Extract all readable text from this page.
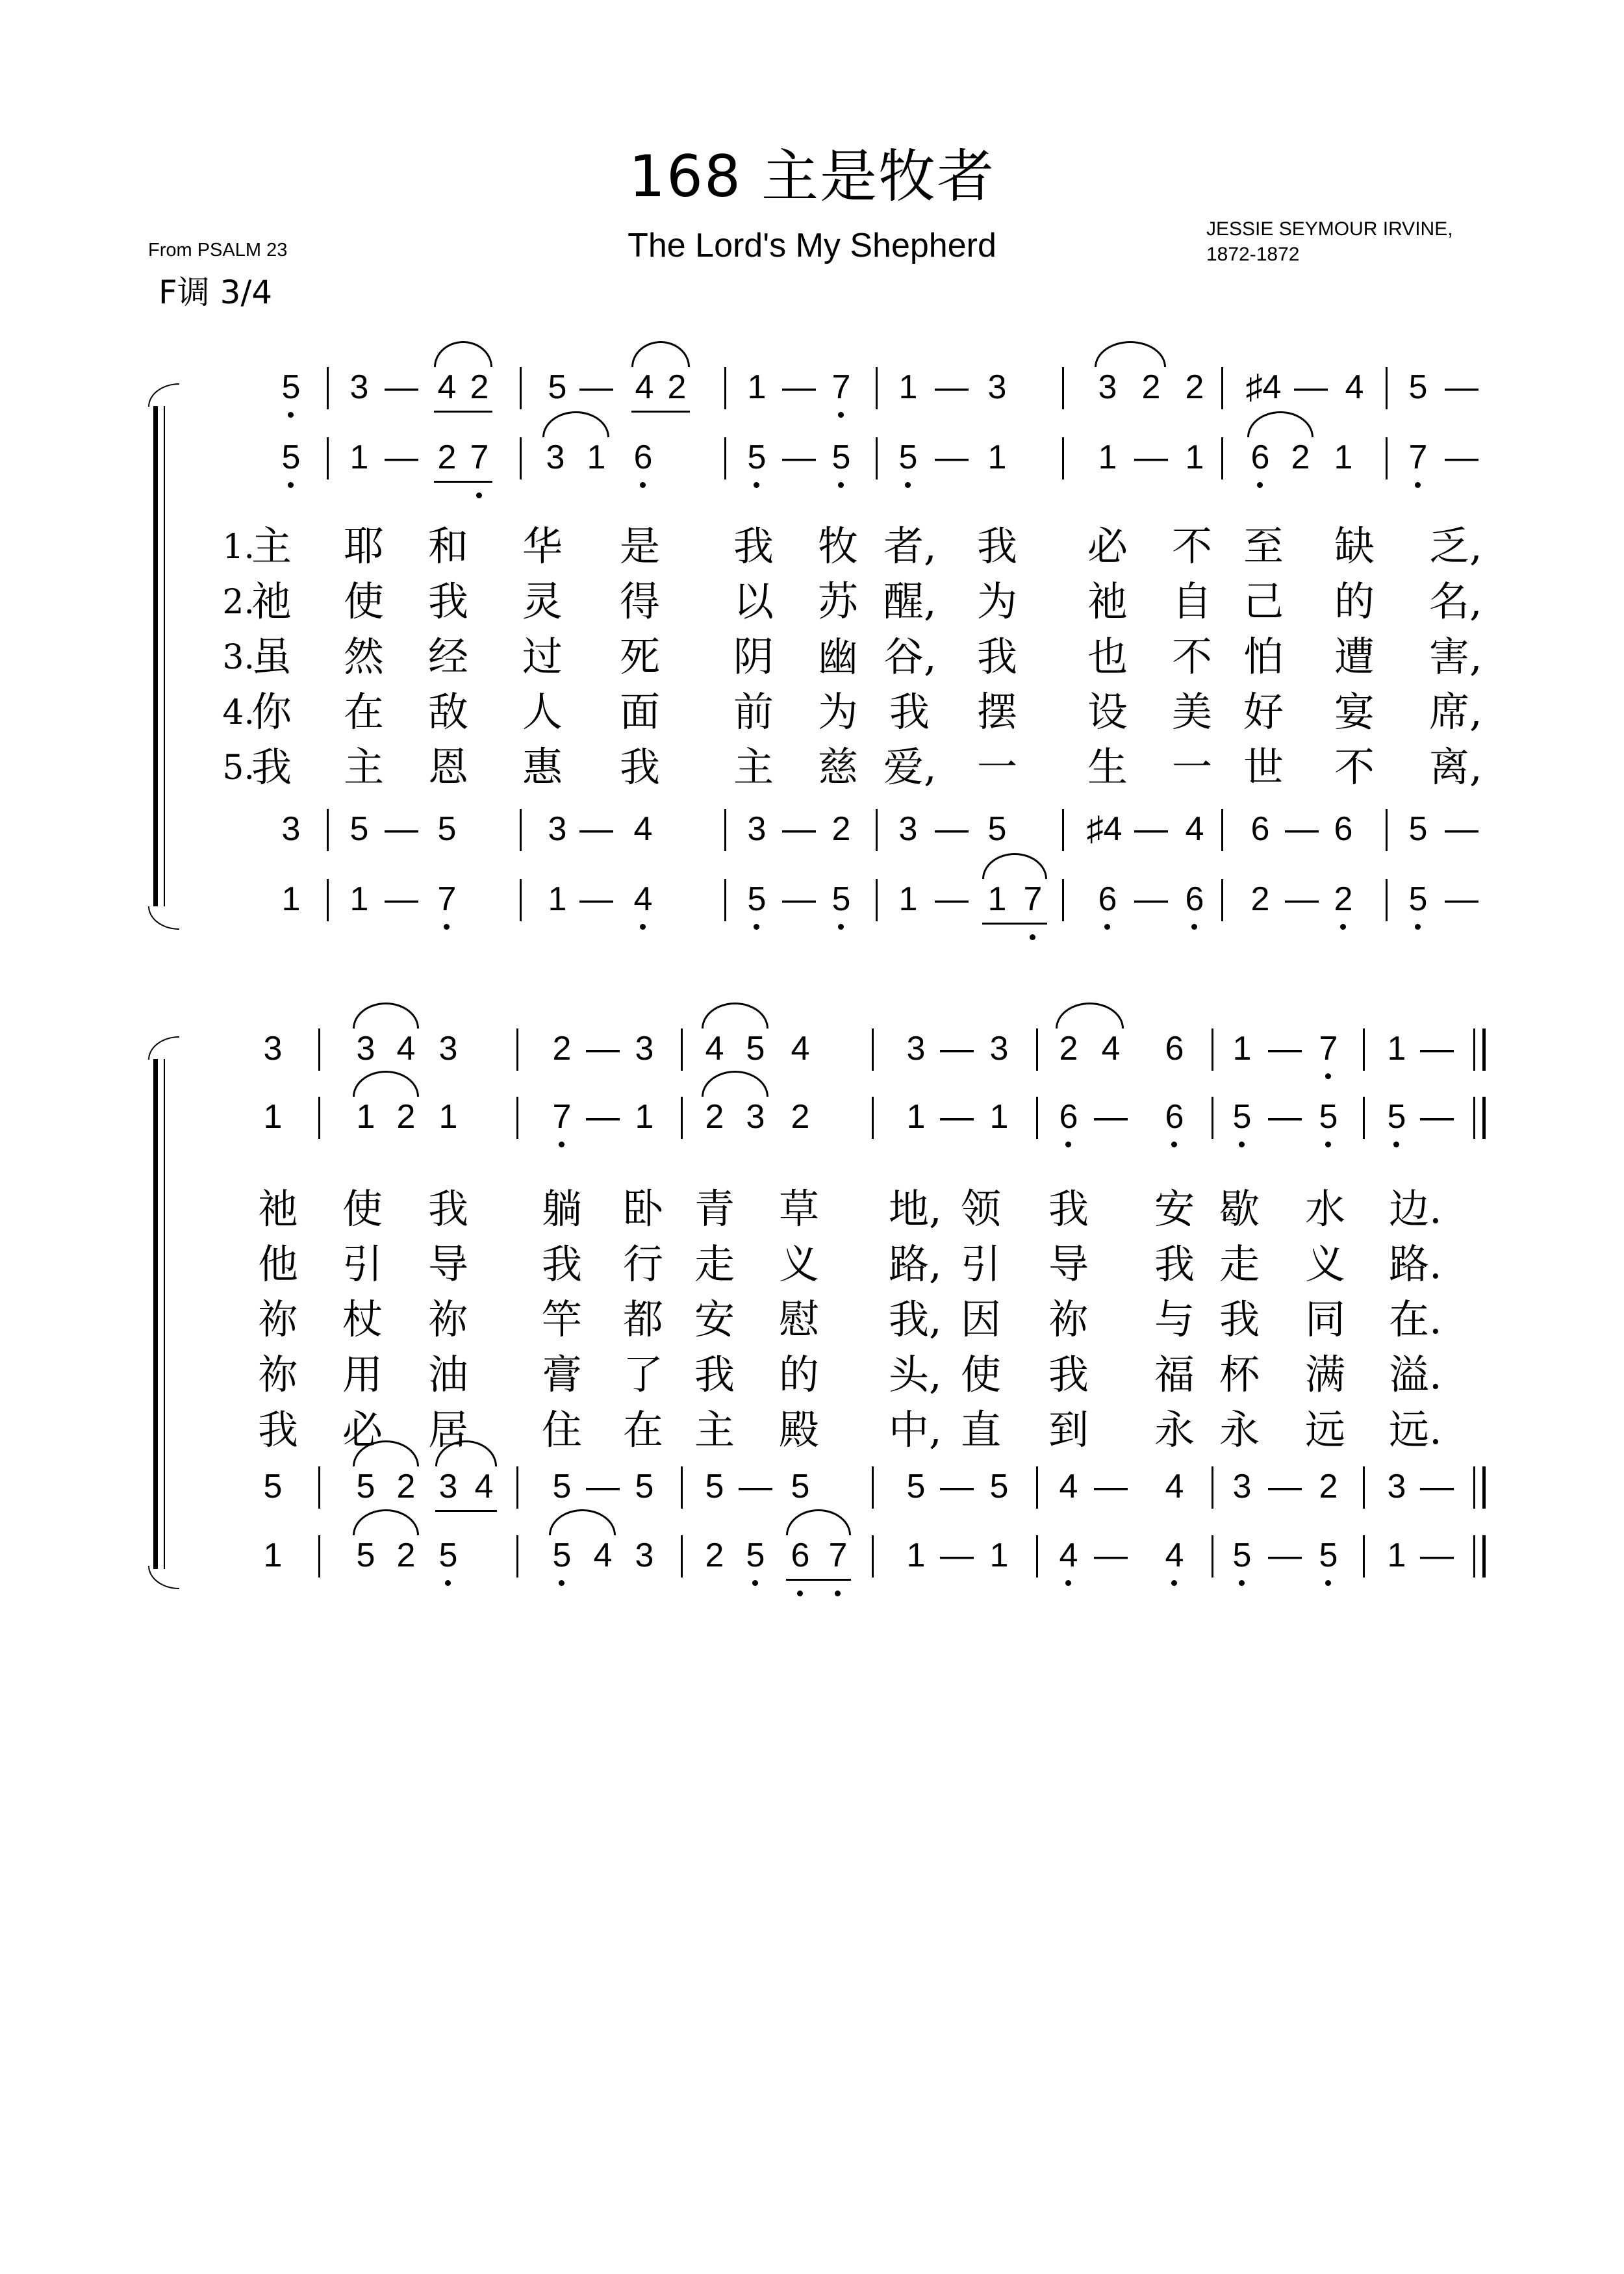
168 主是牧者
The Lord's My Shepherd
From PSALM 23
JESSIE SEYMOUR IRVINE,
1872-1872
F调 3/4
5 3 — 4 2 5 — 4 2 1 — 7 1 — 3	3 2 2	♯4 — 4 5 —
5 1 — 2 7 3 1 6	5 — 5 5 — 1	1 — 1 6 2 1 7 —
1.
主 耶 和 华 是 我 牧 者, 我 必 不 至 缺 乏,
2.
祂 使 我 灵 得 以 苏 醒, 为 祂 自 己 的 名,
3.
虽 然 经 过 死 阴 幽 谷, 我 也 不 怕 遭 害,
4.
你 在 敌 人 面 前 为 我 摆 设 美 好 宴 席,
5.
我 主 恩 惠 我 主 慈 爱, 一 生 一 世 不 离,
3 5 — 5	3 — 4	3 — 2 3 — 5	♯4 — 4 6 — 6 5 —
1 1 — 7	1 — 4	5 — 5 1 — 1 7 6 — 6 2 — 2 5 —
3 3 4 3	2 — 3 4 5 4	3 — 3 2 4 6 1 — 7 1 —
1 1 2 1	7 — 1 2 3 2	1 — 1 6 — 6 5 — 5 5 —
5 5 2 3 4 5 — 5 5 — 5	5 — 5 4 — 4 3 — 2 3 —
1 5 2 5	5 4 3 2 5 6 7 1 — 1 4 — 4 5 — 5 1 —
祂 使 我 躺 卧 青 草 地, 领 我 安 歇 水 边.
他 引 导 我 行 走 义 路, 引 导 我 走 义 路.
祢 杖 祢 竿 都 安 慰 我, 因 祢 与 我 同 在.
祢 用 油 膏 了 我 的 头, 使 我 福 杯 满 溢.
我 必 居 住 在 主 殿 中, 直 到 永 永 远 远.
